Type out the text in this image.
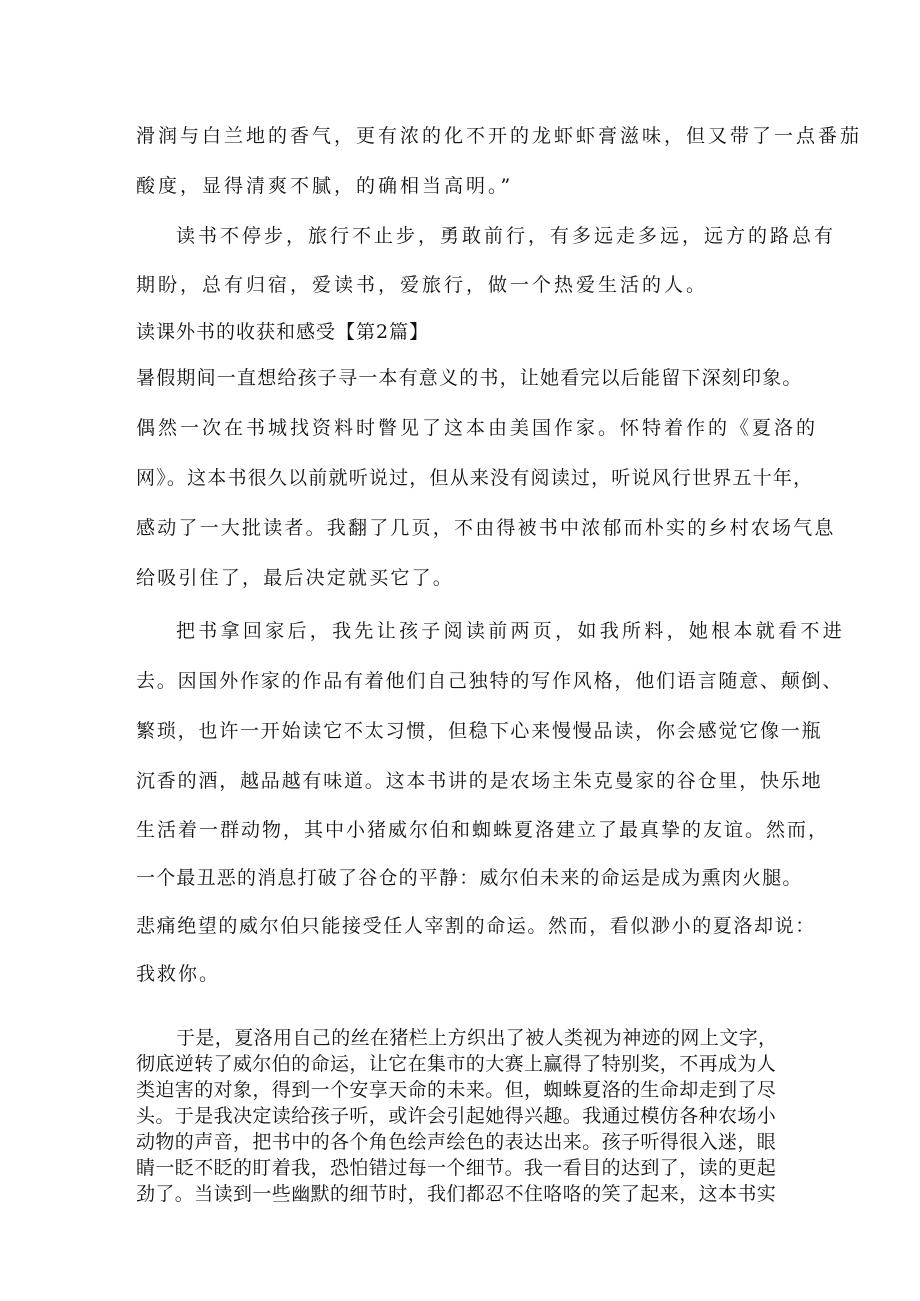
滑润与白兰地的香气，更有浓的化不开的龙虾虾膏滋味，但又带了一点番茄
酸度，显得清爽不腻，的确相当高明。”
读书不停步，旅行不止步，勇敢前行，有多远走多远，远方的路总有
期盼，总有归宿，爱读书，爱旅行，做一个热爱生活的人。
读课外书的收获和感受【第2篇】
暑假期间一直想给孩子寻一本有意义的书，让她看完以后能留下深刻印象。
偶然一次在书城找资料时瞥见了这本由美国作家。怀特着作的《夏洛的
网》。这本书很久以前就听说过，但从来没有阅读过，听说风行世界五十年，
感动了一大批读者。我翻了几页，不由得被书中浓郁而朴实的乡村农场气息
给吸引住了，最后决定就买它了。
把书拿回家后，我先让孩子阅读前两页，如我所料，她根本就看不进
去。因国外作家的作品有着他们自己独特的写作风格，他们语言随意、颠倒、
繁琐，也许一开始读它不太习惯，但稳下心来慢慢品读，你会感觉它像一瓶
沉香的酒，越品越有味道。这本书讲的是农场主朱克曼家的谷仓里，快乐地
生活着一群动物，其中小猪威尔伯和蜘蛛夏洛建立了最真挚的友谊。然而，
一个最丑恶的消息打破了谷仓的平静：威尔伯未来的命运是成为熏肉火腿。
悲痛绝望的威尔伯只能接受任人宰割的命运。然而，看似渺小的夏洛却说：
我救你。
于是，夏洛用自己的丝在猪栏上方织出了被人类视为神迹的网上文字，
彻底逆转了威尔伯的命运，让它在集市的大赛上赢得了特别奖，不再成为人
类迫害的对象，得到一个安享天命的未来。但，蜘蛛夏洛的生命却走到了尽
头。于是我决定读给孩子听，或许会引起她得兴趣。我通过模仿各种农场小
动物的声音，把书中的各个角色绘声绘色的表达出来。孩子听得很入迷，眼
睛一眨不眨的盯着我，恐怕错过每一个细节。我一看目的达到了，读的更起
劲了。当读到一些幽默的细节时，我们都忍不住咯咯的笑了起来，这本书实
